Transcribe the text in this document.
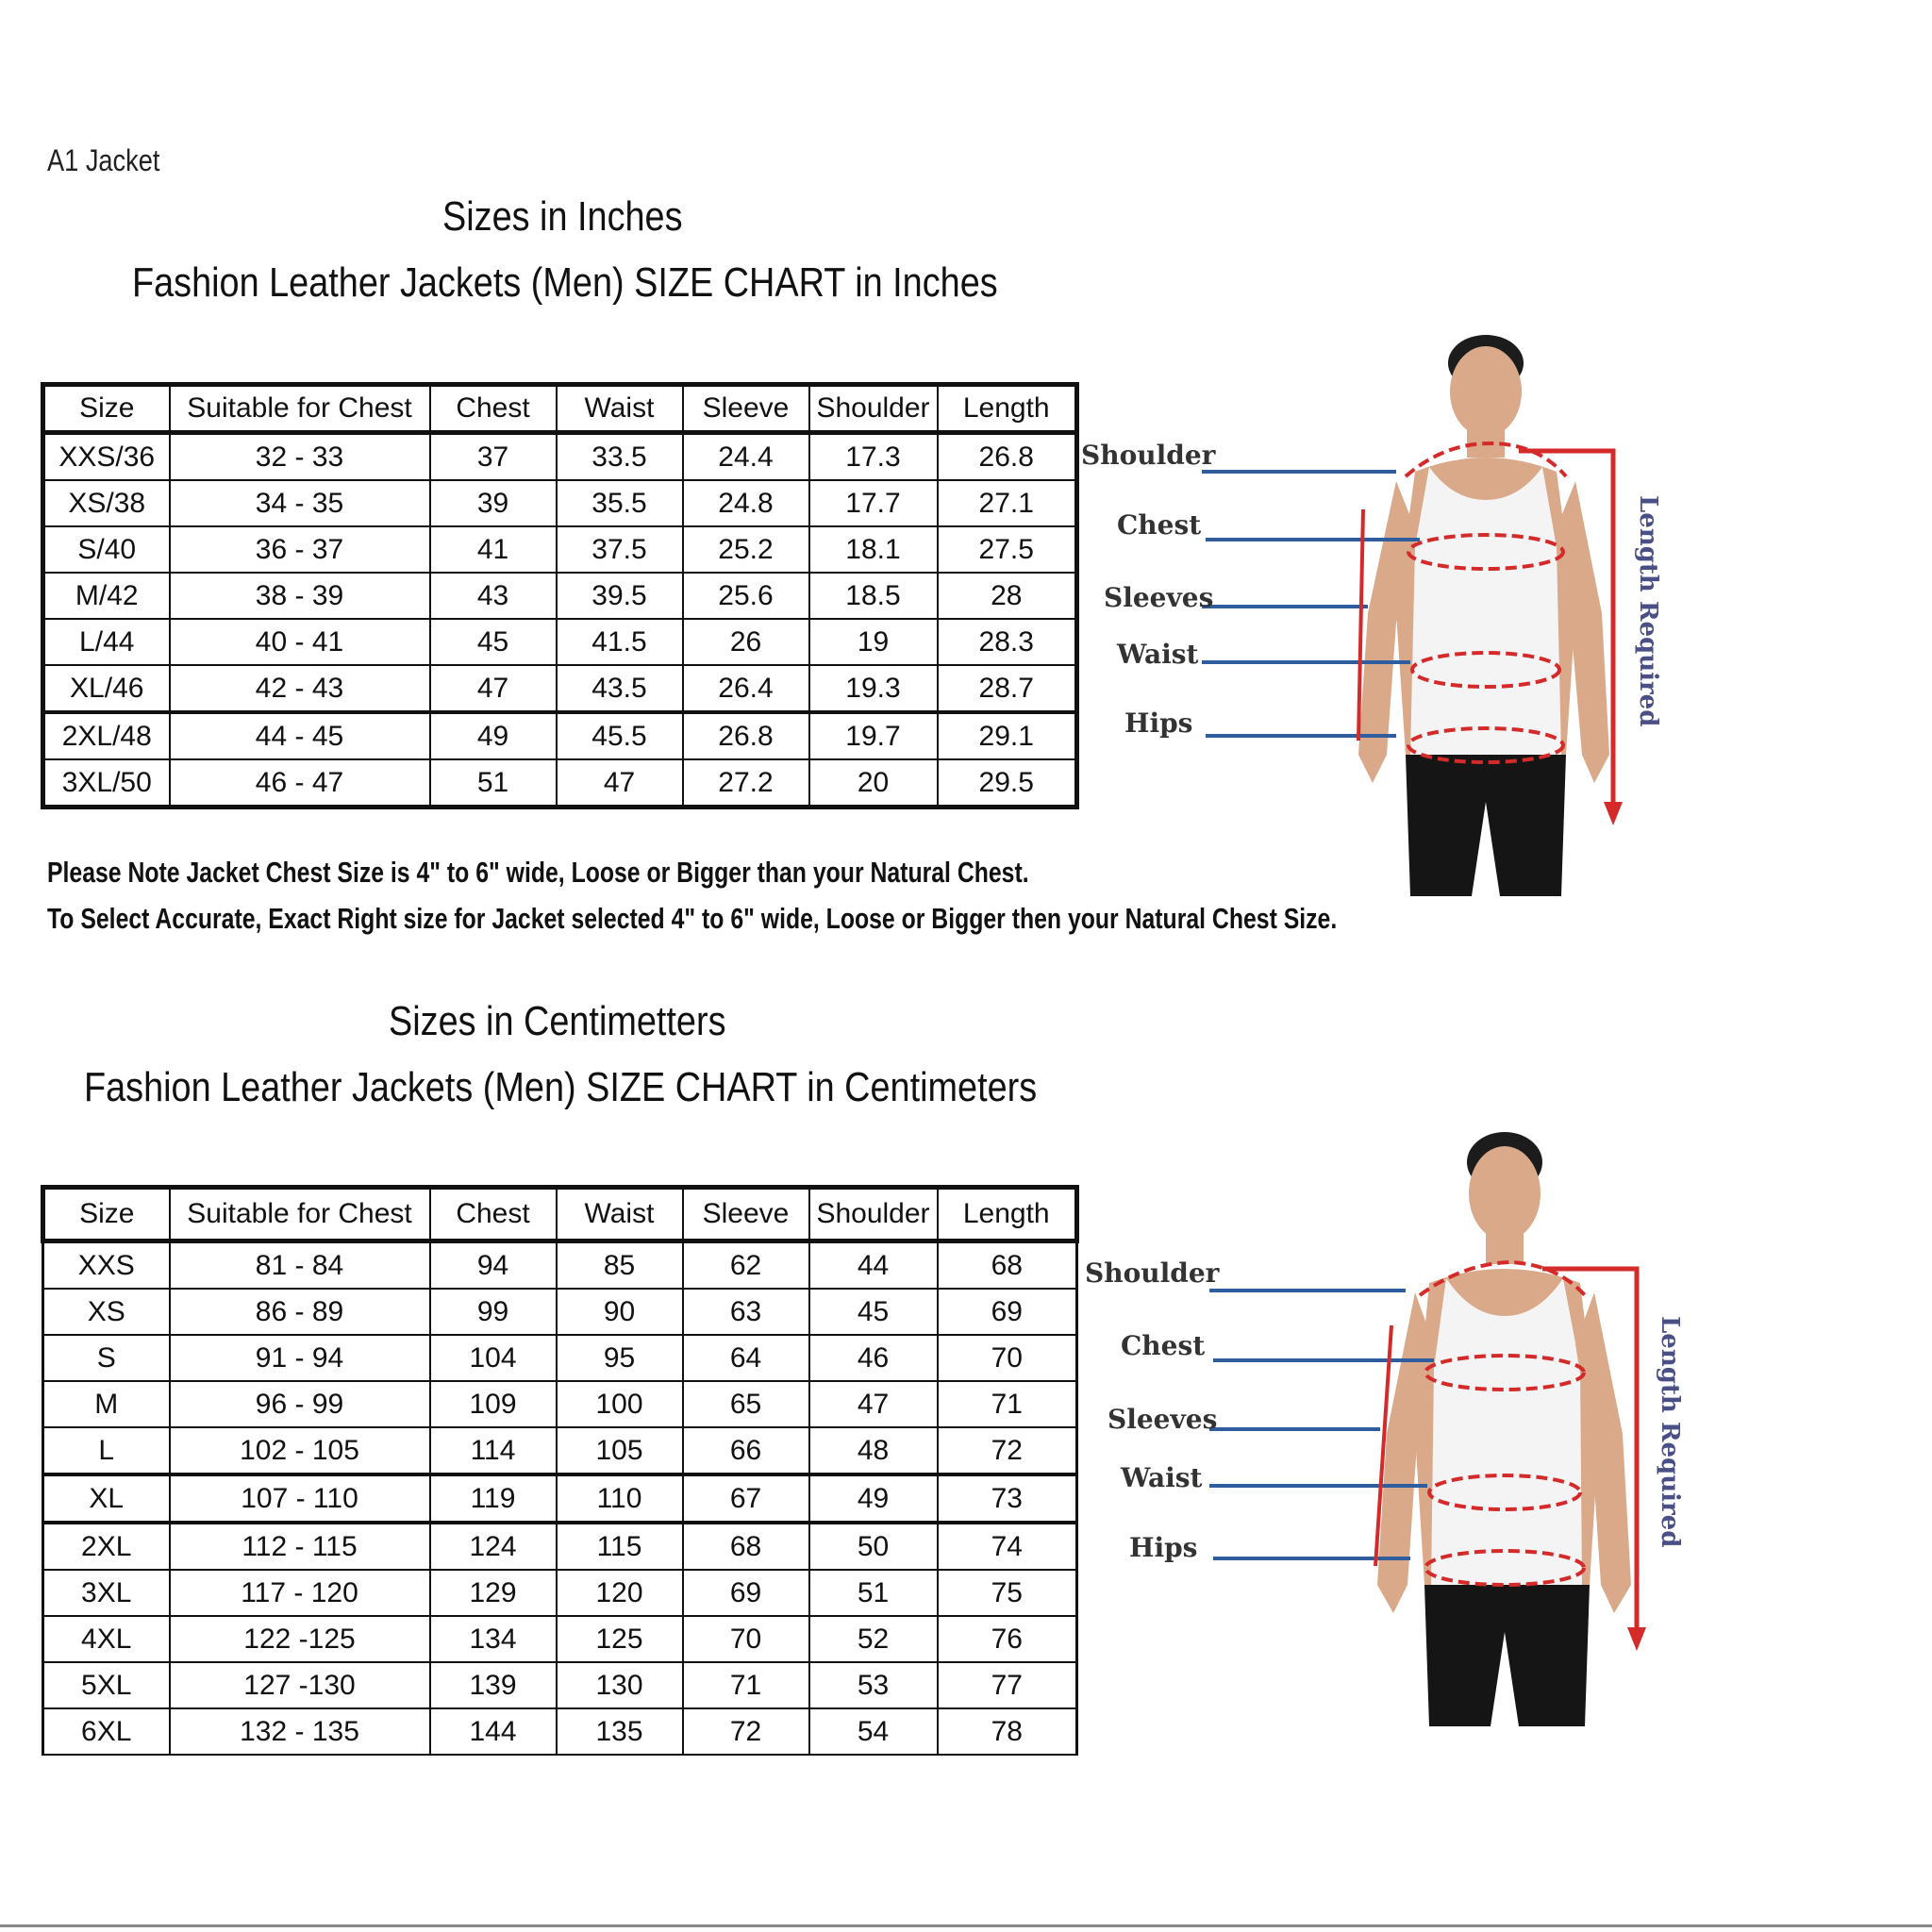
A1 Jacket
Sizes in Inches
Fashion Leather Jackets (Men) SIZE CHART in Inches
Size	Suitable for Chest	Chest	Waist	Sleeve	Shoulder	Length
XXS/36	32 - 33	37	33.5	24.4	17.3	26.8
XS/38	34 - 35	39	35.5	24.8	17.7	27.1
S/40	36 - 37	41	37.5	25.2	18.1	27.5
M/42	38 - 39	43	39.5	25.6	18.5	28
L/44	40 - 41	45	41.5	26	19	28.3
XL/46	42 - 43	47	43.5	26.4	19.3	28.7
2XL/48	44 - 45	49	45.5	26.8	19.7	29.1
3XL/50	46 - 47	51	47	27.2	20	29.5
Please Note Jacket Chest Size is 4" to 6" wide, Loose or Bigger than your Natural Chest.
To Select Accurate, Exact Right size for Jacket selected 4" to 6" wide, Loose or Bigger then your Natural Chest Size.
Sizes in Centimetters
Fashion Leather Jackets (Men) SIZE CHART in Centimeters
Size	Suitable for Chest	Chest	Waist	Sleeve	Shoulder	Length
XXS	81 - 84	94	85	62	44	68
XS	86 - 89	99	90	63	45	69
S	91 - 94	104	95	64	46	70
M	96 - 99	109	100	65	47	71
L	102 - 105	114	105	66	48	72
XL	107 - 110	119	110	67	49	73
2XL	112 - 115	124	115	68	50	74
3XL	117 - 120	129	120	69	51	75
4XL	122 -125	134	125	70	52	76
5XL	127 -130	139	130	71	53	77
6XL	132 - 135	144	135	72	54	78
Shoulder
Chest
Sleeves
Waist
Hips	Length Required
Shoulder
Chest
Sleeves
Waist
Hips
Length Required
